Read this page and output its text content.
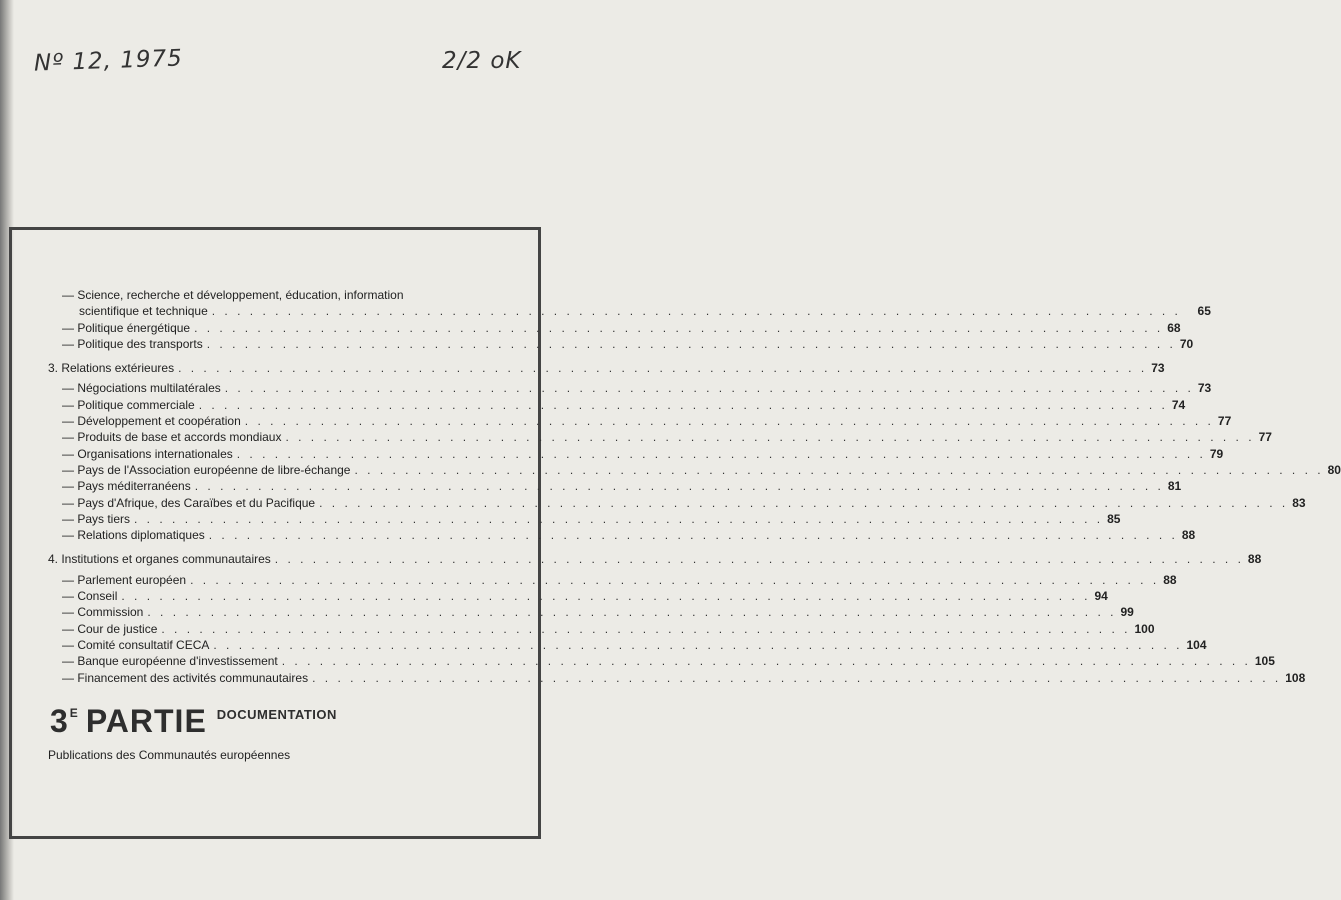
Nº 12, 1975	2/2 oK
— Science, recherche et développement, éducation, information
scientifique et technique . . .	65
— Politique énergétique . . .	68
— Politique des transports . . .	70
3. Relations extérieures . . .	73
— Négociations multilatérales . . .	73
— Politique commerciale . . .	74
— Développement et coopération . . .	77
— Produits de base et accords mondiaux . . .	77
— Organisations internationales . . .	79
— Pays de l'Association européenne de libre-échange . . .	80
— Pays méditerranéens . . .	81
— Pays d'Afrique, des Caraïbes et du Pacifique . . .	83
— Pays tiers . . .	85
— Relations diplomatiques . . .	88
4. Institutions et organes communautaires . . .	88
— Parlement européen . . .	88
— Conseil . . .	94
— Commission . . .	99
— Cour de justice . . .	100
— Comité consultatif CECA . . .	104
— Banque européenne d'investissement . . .	105
— Financement des activités communautaires . . .	108
3 E PARTIE DOCUMENTATION
Publications des Communautés européennes
